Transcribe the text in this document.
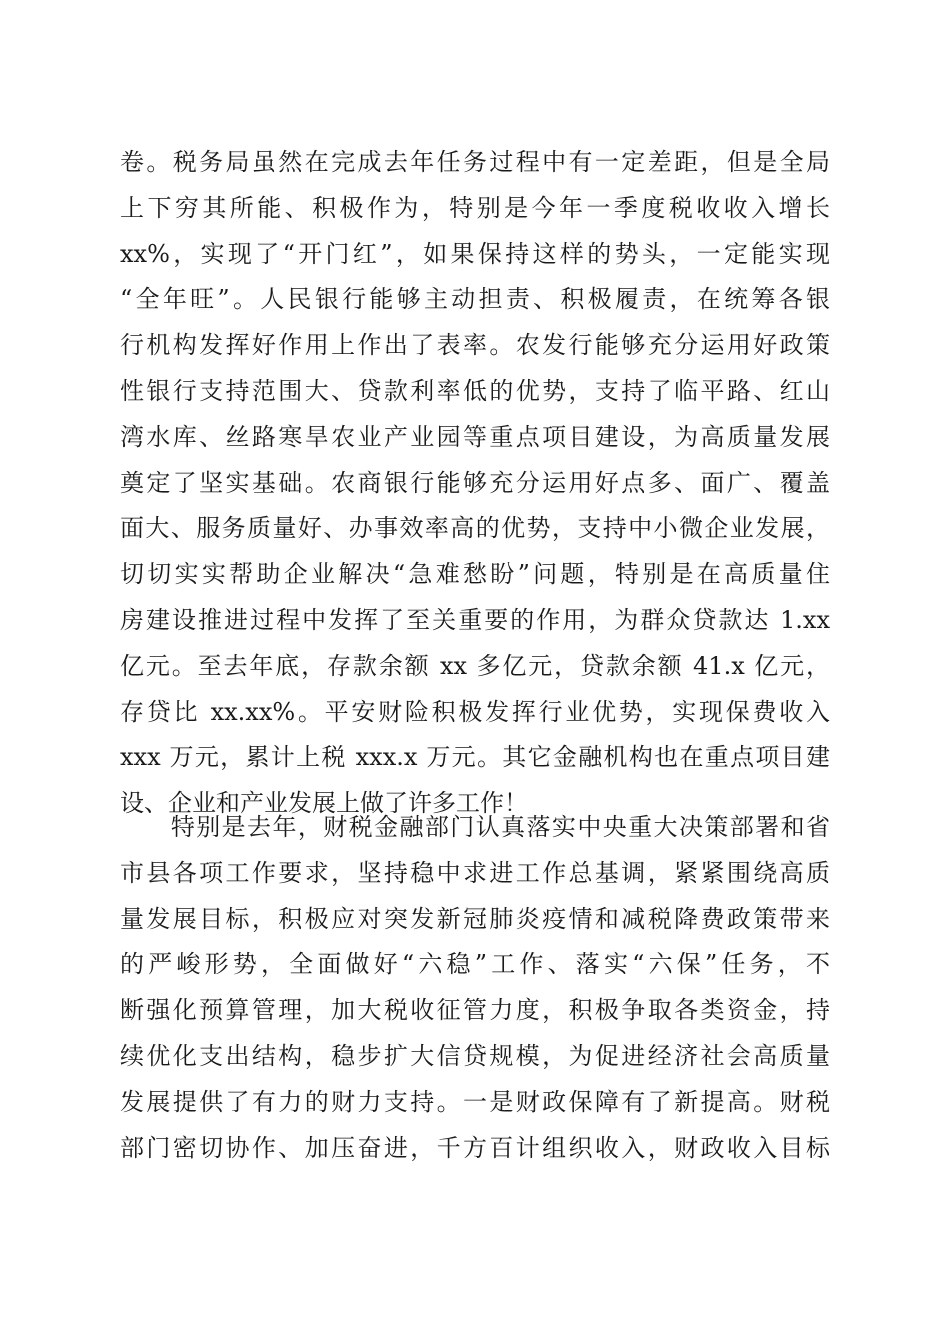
卷。税务局虽然在完成去年任务过程中有一定差距，但是全局
上下穷其所能、积极作为，特别是今年一季度税收收入增长
xx%，实现了“开门红”，如果保持这样的势头，一定能实现
“全年旺”。人民银行能够主动担责、积极履责，在统筹各银
行机构发挥好作用上作出了表率。农发行能够充分运用好政策
性银行支持范围大、贷款利率低的优势，支持了临平路、红山
湾水库、丝路寒旱农业产业园等重点项目建设，为高质量发展
奠定了坚实基础。农商银行能够充分运用好点多、面广、覆盖
面大、服务质量好、办事效率高的优势，支持中小微企业发展，
切切实实帮助企业解决“急难愁盼”问题，特别是在高质量住
房建设推进过程中发挥了至关重要的作用，为群众贷款达 1.xx
亿元。至去年底，存款余额 xx 多亿元，贷款余额 41.x 亿元，
存贷比 xx.xx%。平安财险积极发挥行业优势，实现保费收入
xxx 万元，累计上税 xxx.x 万元。其它金融机构也在重点项目建
设、企业和产业发展上做了许多工作！
　　特别是去年，财税金融部门认真落实中央重大决策部署和省
市县各项工作要求，坚持稳中求进工作总基调，紧紧围绕高质
量发展目标，积极应对突发新冠肺炎疫情和减税降费政策带来
的严峻形势，全面做好“六稳”工作、落实“六保”任务，不
断强化预算管理，加大税收征管力度，积极争取各类资金，持
续优化支出结构，稳步扩大信贷规模，为促进经济社会高质量
发展提供了有力的财力支持。一是财政保障有了新提高。财税
部门密切协作、加压奋进，千方百计组织收入，财政收入目标
